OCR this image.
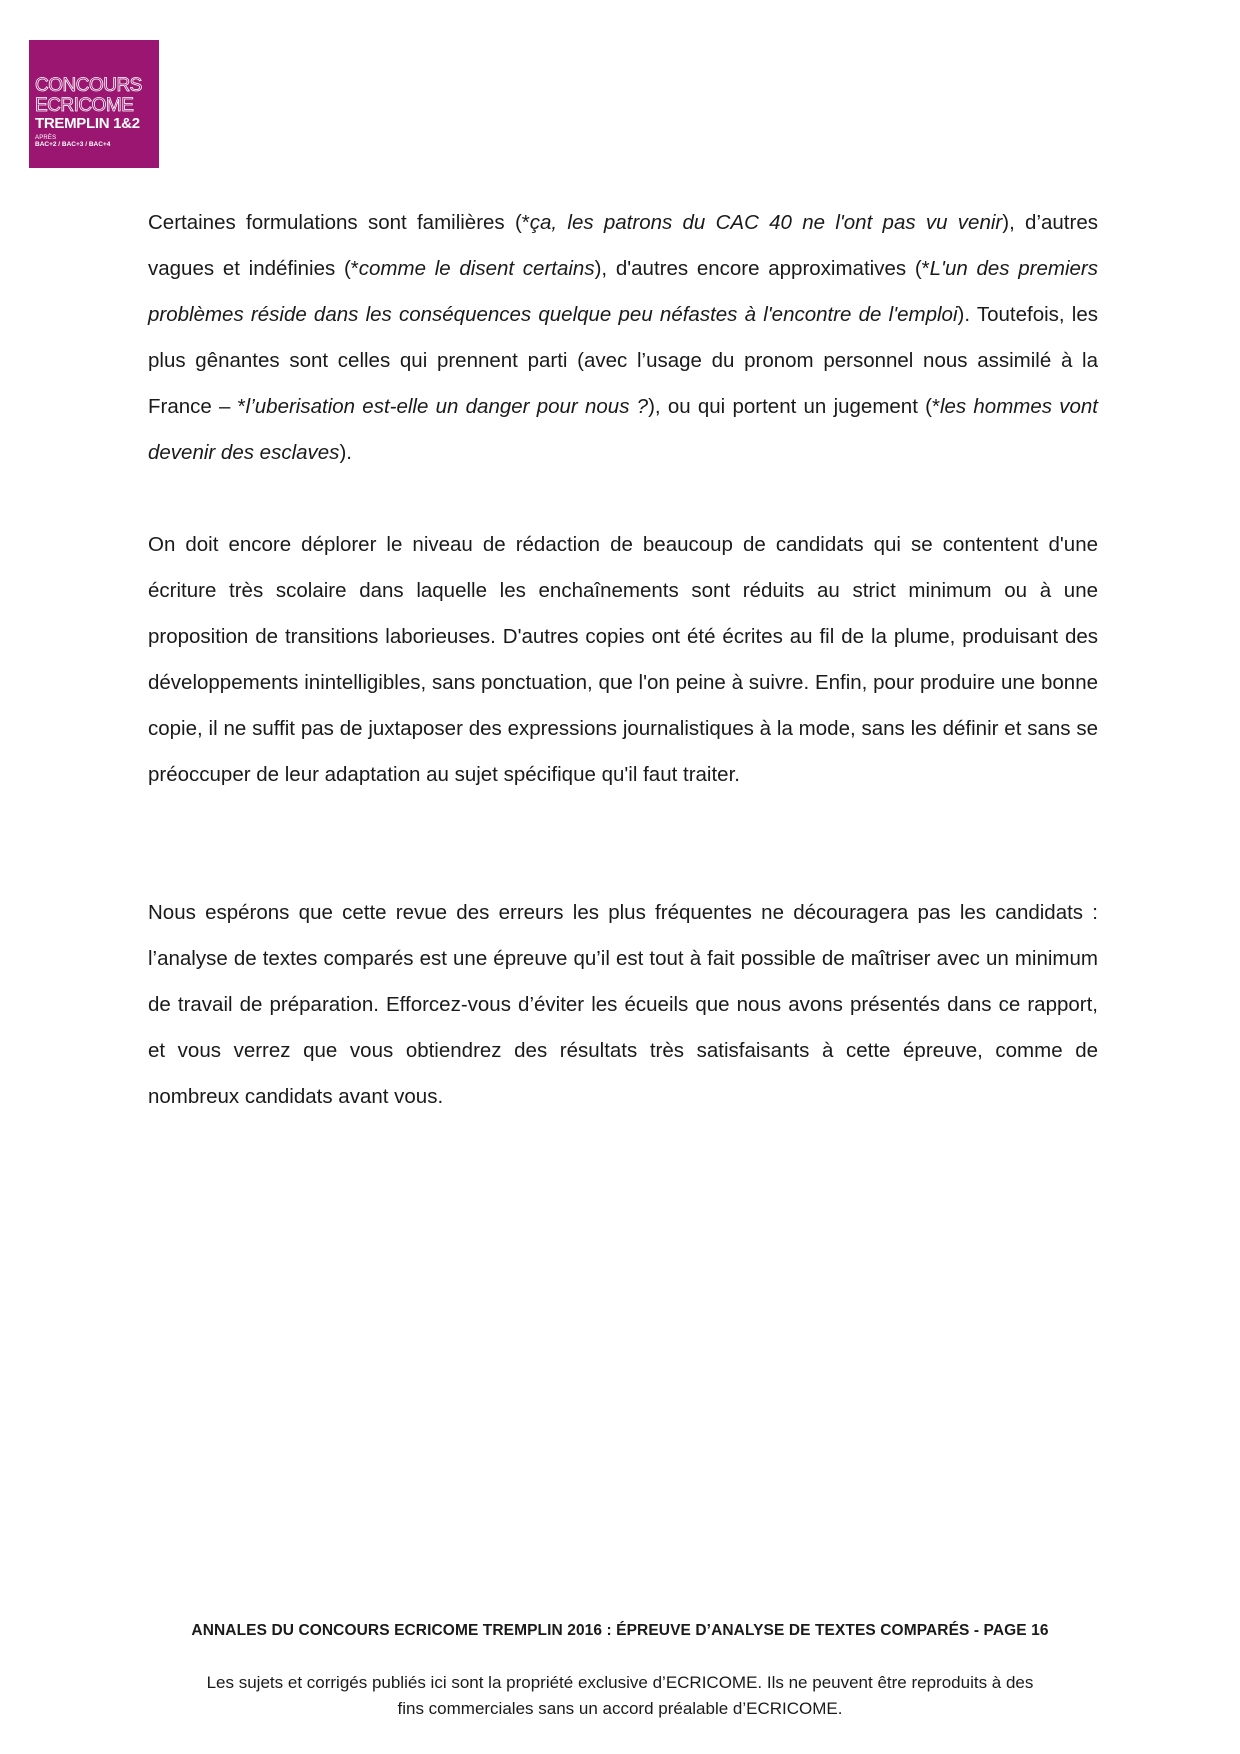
CONCOURS
ECRICOME
TREMPLIN 1&2
APRÈS
BAC+2 / BAC+3 / BAC+4

Certaines formulations sont familières (*ça, les patrons du CAC 40 ne l'ont pas vu venir), d’autres vagues et indéfinies (*comme le disent certains), d'autres encore approximatives (*L'un des premiers problèmes réside dans les conséquences quelque peu néfastes à l'encontre de l'emploi). Toutefois, les plus gênantes sont celles qui prennent parti (avec l’usage du pronom personnel nous assimilé à la France – *l’uberisation est-elle un danger pour nous ?), ou qui portent un jugement (*les hommes vont devenir des esclaves).

On doit encore déplorer le niveau de rédaction de beaucoup de candidats qui se contentent d'une écriture très scolaire dans laquelle les enchaînements sont réduits au strict minimum ou à une proposition de transitions laborieuses. D'autres copies ont été écrites au fil de la plume, produisant des développements inintelligibles, sans ponctuation, que l'on peine à suivre. Enfin, pour produire une bonne copie, il ne suffit pas de juxtaposer des expressions journalistiques à la mode, sans les définir et sans se préoccuper de leur adaptation au sujet spécifique qu'il faut traiter.

Nous espérons que cette revue des erreurs les plus fréquentes ne découragera pas les candidats : l’analyse de textes comparés est une épreuve qu’il est tout à fait possible de maîtriser avec un minimum de travail de préparation. Efforcez-vous d’éviter les écueils que nous avons présentés dans ce rapport, et vous verrez que vous obtiendrez des résultats très satisfaisants à cette épreuve, comme de nombreux candidats avant vous.

ANNALES DU CONCOURS ECRICOME TREMPLIN 2016 : ÉPREUVE D’ANALYSE DE TEXTES COMPARÉS - PAGE 16
Les sujets et corrigés publiés ici sont la propriété exclusive d’ECRICOME. Ils ne peuvent être reproduits à des
fins commerciales sans un accord préalable d’ECRICOME.
